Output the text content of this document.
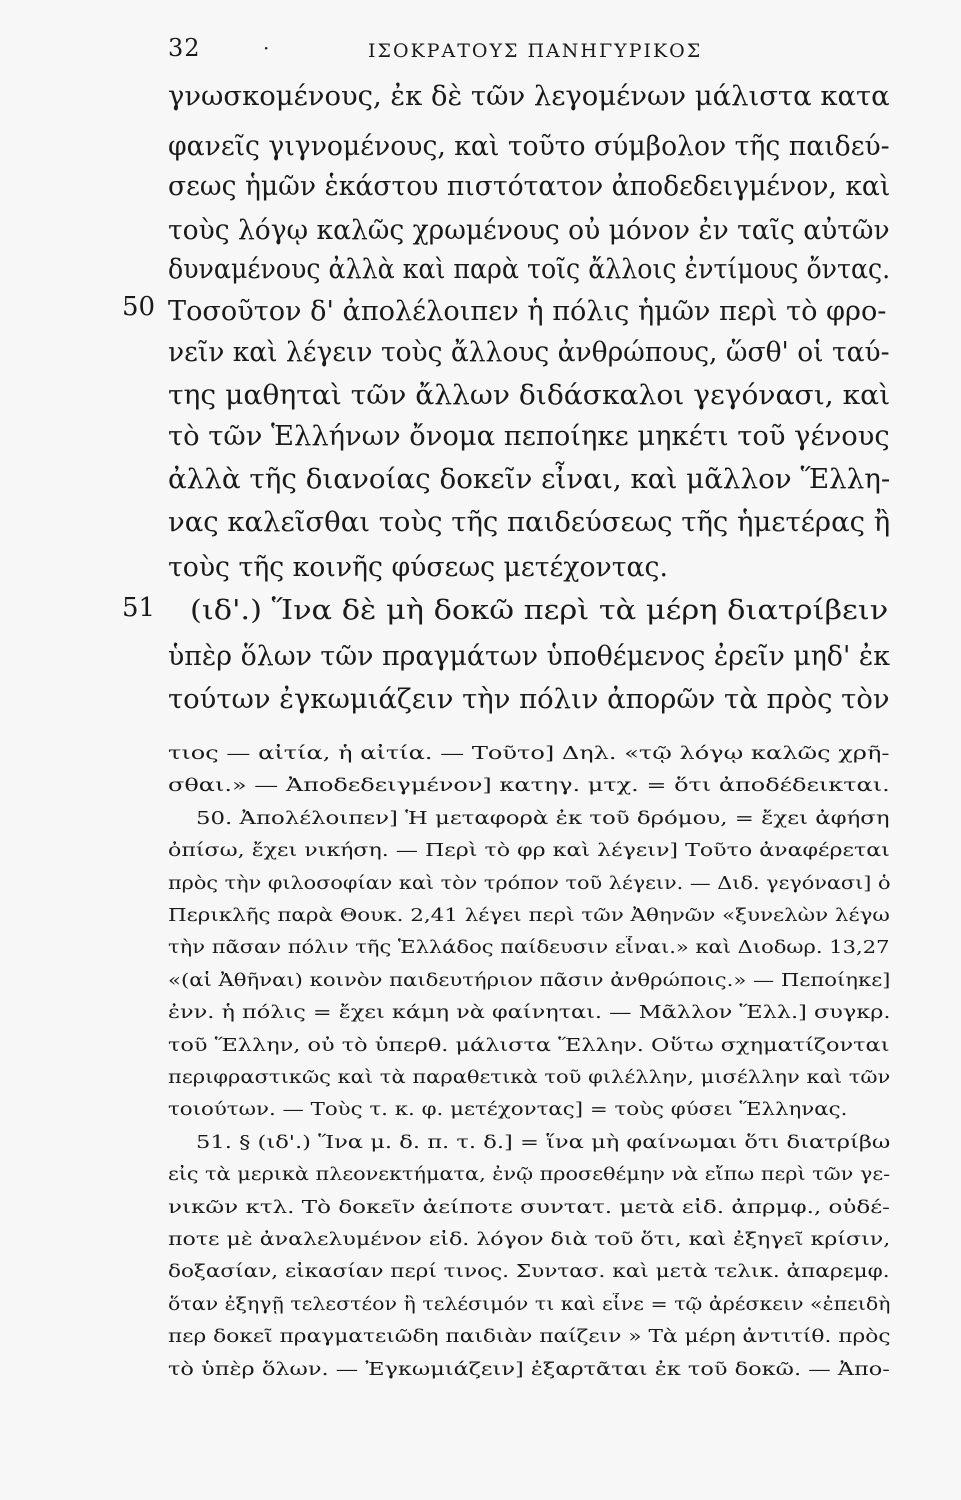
32	·	ΙΣΟΚΡΑΤΟΥΣ ΠΑΝΗΓΥΡΙΚΟΣ
γνωσκομένους, ἐκ δὲ τῶν λεγομένων μάλιστα κατα
φανεῖς γιγνομένους, καὶ τοῦτο σύμβολον τῆς παιδεύ-
σεως ἡμῶν ἑκάστου πιστότατον ἀποδεδειγμένον, καὶ
τοὺς λόγῳ καλῶς χρωμένους οὐ μόνον ἐν ταῖς αὐτῶν
δυναμένους ἀλλὰ καὶ παρὰ τοῖς ἄλλοις ἐντίμους ὄντας.
Τοσοῦτον δ' ἀπολέλοιπεν ἡ πόλις ἡμῶν περὶ τὸ φρο-
νεῖν καὶ λέγειν τοὺς ἄλλους ἀνθρώπους, ὥσθ' οἱ ταύ-
της μαθηταὶ τῶν ἄλλων διδάσκαλοι γεγόνασι, καὶ
τὸ τῶν Ἑλλήνων ὄνομα πεποίηκε μηκέτι τοῦ γένους
ἀλλὰ τῆς διανοίας δοκεῖν εἶναι, καὶ μᾶλλον Ἕλλη-
νας καλεῖσθαι τοὺς τῆς παιδεύσεως τῆς ἡμετέρας ἢ
τοὺς τῆς κοινῆς φύσεως μετέχοντας.
(ιδ'.) Ἵνα δὲ μὴ δοκῶ περὶ τὰ μέρη διατρίβειν
ὑπὲρ ὅλων τῶν πραγμάτων ὑποθέμενος ἐρεῖν μηδ' ἐκ
τούτων ἐγκωμιάζειν τὴν πόλιν ἀπορῶν τὰ πρὸς τὸν
50
51
τιος — αἰτία, ἡ αἰτία. — Τοῦτο] Δηλ. «τῷ λόγῳ καλῶς χρῆ-
σθαι.» — Ἀποδεδειγμένον] κατηγ. μτχ. = ὅτι ἀποδέδεικται.
50. Ἀπολέλοιπεν] Ἡ μεταφορὰ ἐκ τοῦ δρόμου, = ἔχει ἀφήση
ὀπίσω, ἔχει νικήση. — Περὶ τὸ φρ καὶ λέγειν] Τοῦτο ἀναφέρεται
πρὸς τὴν φιλοσοφίαν καὶ τὸν τρόπον τοῦ λέγειν. — Διδ. γεγόνασι] ὁ
Περικλῆς παρὰ Θουκ. 2,41 λέγει περὶ τῶν Ἀθηνῶν «ξυνελὼν λέγω
τὴν πᾶσαν πόλιν τῆς Ἑλλάδος παίδευσιν εἶναι.» καὶ Διοδωρ. 13,27
«(αἱ Ἀθῆναι) κοινὸν παιδευτήριον πᾶσιν ἀνθρώποις.» — Πεποίηκε]
ἐνν. ἡ πόλις = ἔχει κάμη νὰ φαίνηται. — Μᾶλλον Ἕλλ.] συγκρ.
τοῦ Ἕλλην, οὐ τὸ ὑπερθ. μάλιστα Ἕλλην. Οὕτω σχηματίζονται
περιφραστικῶς καὶ τὰ παραθετικὰ τοῦ φιλέλλην, μισέλλην καὶ τῶν
τοιούτων. — Τοὺς τ. κ. φ. μετέχοντας] = τοὺς φύσει Ἕλληνας.
51. § (ιδ'.) Ἵνα μ. δ. π. τ. δ.] = ἵνα μὴ φαίνωμαι ὅτι διατρίβω
εἰς τὰ μερικὰ πλεονεκτήματα, ἐνῷ προσεθέμην νὰ εἴπω περὶ τῶν γε-
νικῶν κτλ. Τὸ δοκεῖν ἀείποτε συντατ. μετὰ εἰδ. ἀπρμφ., οὐδέ-
ποτε μὲ ἀναλελυμένον εἰδ. λόγον διὰ τοῦ ὅτι, καὶ ἐξηγεῖ κρίσιν,
δοξασίαν, εἰκασίαν περί τινος. Συντασ. καὶ μετὰ τελικ. ἀπαρεμφ.
ὅταν ἐξηγῇ τελεστέον ἢ τελέσιμόν τι καὶ εἶνε = τῷ ἀρέσκειν «ἐπειδὴ
περ δοκεῖ πραγματειῶδη παιδιὰν παίζειν » Τὰ μέρη ἀντιτίθ. πρὸς
τὸ ὑπὲρ ὅλων. — Ἐγκωμιάζειν] ἐξαρτᾶται ἐκ τοῦ δοκῶ. — Ἀπο-
